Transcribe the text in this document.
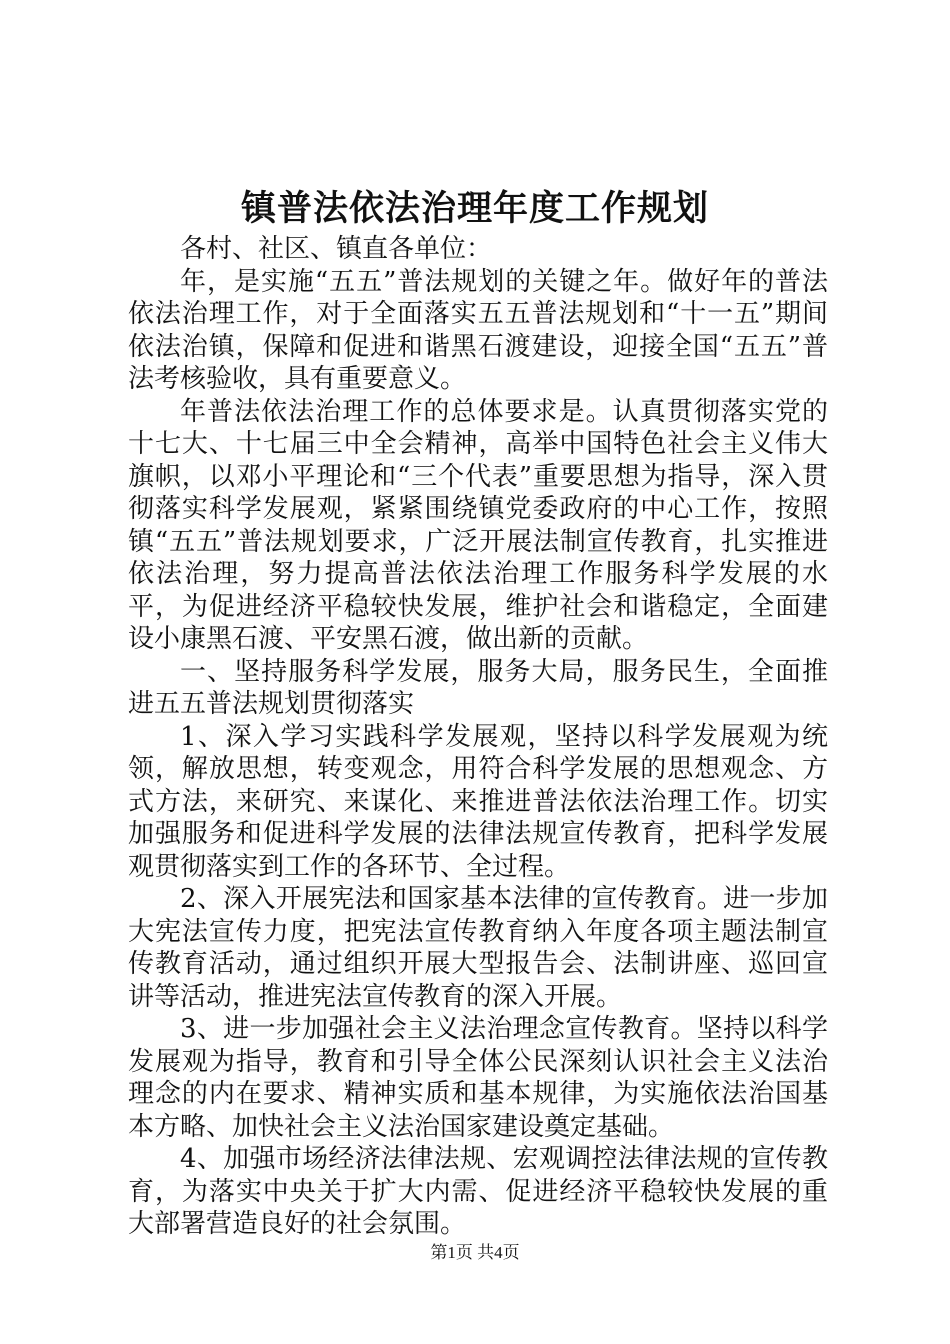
镇普法依法治理年度工作规划

各村、社区、镇直各单位：

年，是实施“五五”普法规划的关键之年。做好年的普法依法治理工作，对于全面落实五五普法规划和“十一五”期间依法治镇，保障和促进和谐黑石渡建设，迎接全国“五五”普法考核验收，具有重要意义。

年普法依法治理工作的总体要求是。认真贯彻落实党的十七大、十七届三中全会精神，高举中国特色社会主义伟大旗帜，以邓小平理论和“三个代表”重要思想为指导，深入贯彻落实科学发展观，紧紧围绕镇党委政府的中心工作，按照镇“五五”普法规划要求，广泛开展法制宣传教育，扎实推进依法治理，努力提高普法依法治理工作服务科学发展的水平，为促进经济平稳较快发展，维护社会和谐稳定，全面建设小康黑石渡、平安黑石渡，做出新的贡献。

一、坚持服务科学发展，服务大局，服务民生，全面推进五五普法规划贯彻落实

1、深入学习实践科学发展观，坚持以科学发展观为统领，解放思想，转变观念，用符合科学发展的思想观念、方式方法，来研究、来谋化、来推进普法依法治理工作。切实加强服务和促进科学发展的法律法规宣传教育，把科学发展观贯彻落实到工作的各环节、全过程。

2、深入开展宪法和国家基本法律的宣传教育。进一步加大宪法宣传力度，把宪法宣传教育纳入年度各项主题法制宣传教育活动，通过组织开展大型报告会、法制讲座、巡回宣讲等活动，推进宪法宣传教育的深入开展。

3、进一步加强社会主义法治理念宣传教育。坚持以科学发展观为指导，教育和引导全体公民深刻认识社会主义法治理念的内在要求、精神实质和基本规律，为实施依法治国基本方略、加快社会主义法治国家建设奠定基础。

4、加强市场经济法律法规、宏观调控法律法规的宣传教育，为落实中央关于扩大内需、促进经济平稳较快发展的重大部署营造良好的社会氛围。

第1页 共4页
